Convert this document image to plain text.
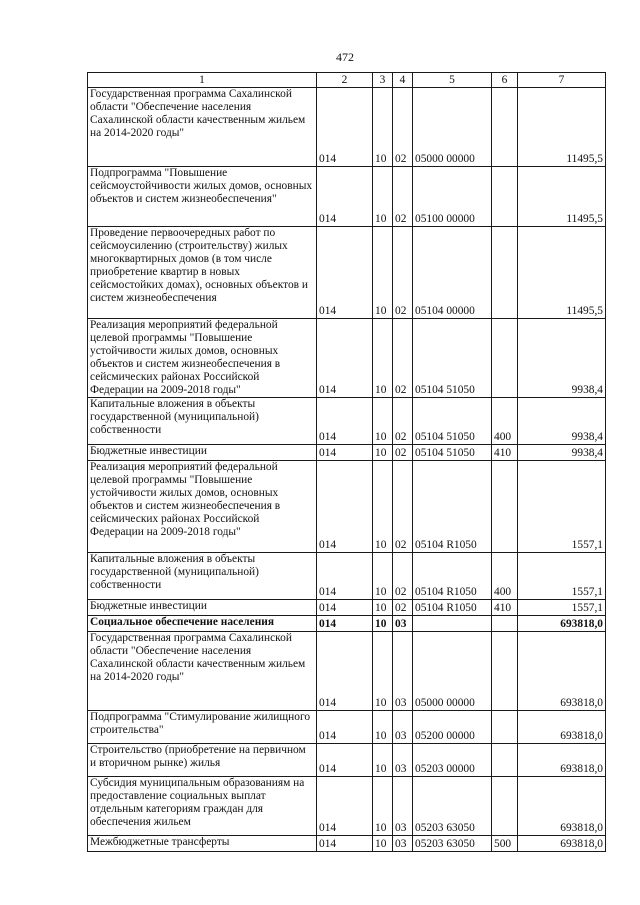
472
1	2	3	4	5	6	7
Государственная программа Сахалинской области "Обеспечение населения Сахалинской области качественным жильем на 2014-2020 годы"	014	10	02	05000 00000		11495,5
Подпрограмма "Повышение сейсмоустойчивости жилых домов, основных объектов и систем жизнеобеспечения"	014	10	02	05100 00000		11495,5
Проведение первоочередных работ по сейсмоусилению (строительству) жилых многоквартирных домов (в том числе приобретение квартир в новых сейсмостойких домах), основных объектов и систем жизнеобеспечения	014	10	02	05104 00000		11495,5
Реализация мероприятий федеральной целевой программы "Повышение устойчивости жилых домов, основных объектов и систем жизнеобеспечения в сейсмических районах Российской Федерации на 2009-2018 годы"	014	10	02	05104 51050		9938,4
Капитальные вложения в объекты государственной (муниципальной) собственности	014	10	02	05104 51050	400	9938,4
Бюджетные инвестиции	014	10	02	05104 51050	410	9938,4
Реализация мероприятий федеральной целевой программы "Повышение устойчивости жилых домов, основных объектов и систем жизнеобеспечения в сейсмических районах Российской Федерации на 2009-2018 годы"	014	10	02	05104 R1050		1557,1
Капитальные вложения в объекты государственной (муниципальной) собственности	014	10	02	05104 R1050	400	1557,1
Бюджетные инвестиции	014	10	02	05104 R1050	410	1557,1
Социальное обеспечение населения	014	10	03			693818,0
Государственная программа Сахалинской области "Обеспечение населения Сахалинской области качественным жильем на 2014-2020 годы"	014	10	03	05000 00000		693818,0
Подпрограмма "Стимулирование жилищного строительства"	014	10	03	05200 00000		693818,0
Строительство (приобретение на первичном и вторичном рынке) жилья	014	10	03	05203 00000		693818,0
Субсидия муниципальным образованиям на предоставление социальных выплат отдельным категориям граждан для обеспечения жильем	014	10	03	05203 63050		693818,0
Межбюджетные трансферты	014	10	03	05203 63050	500	693818,0
